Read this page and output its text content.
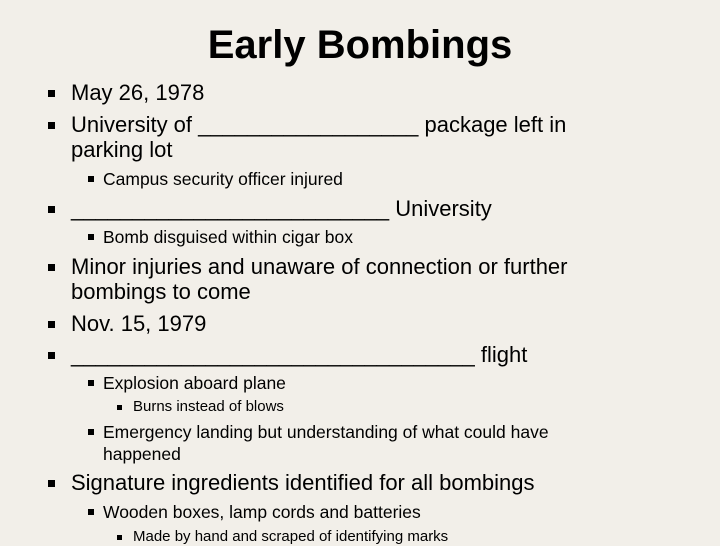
Early Bombings
May 26, 1978
University of __________________ package left in
parking lot
Campus security officer injured
__________________________ University
Bomb disguised within cigar box
Minor injuries and unaware of connection or further
bombings to come
Nov. 15, 1979
_________________________________ flight
Explosion aboard plane
Burns instead of blows
Emergency landing but understanding of what could have
happened
Signature ingredients identified for all bombings
Wooden boxes, lamp cords and batteries
Made by hand and scraped of identifying marks
